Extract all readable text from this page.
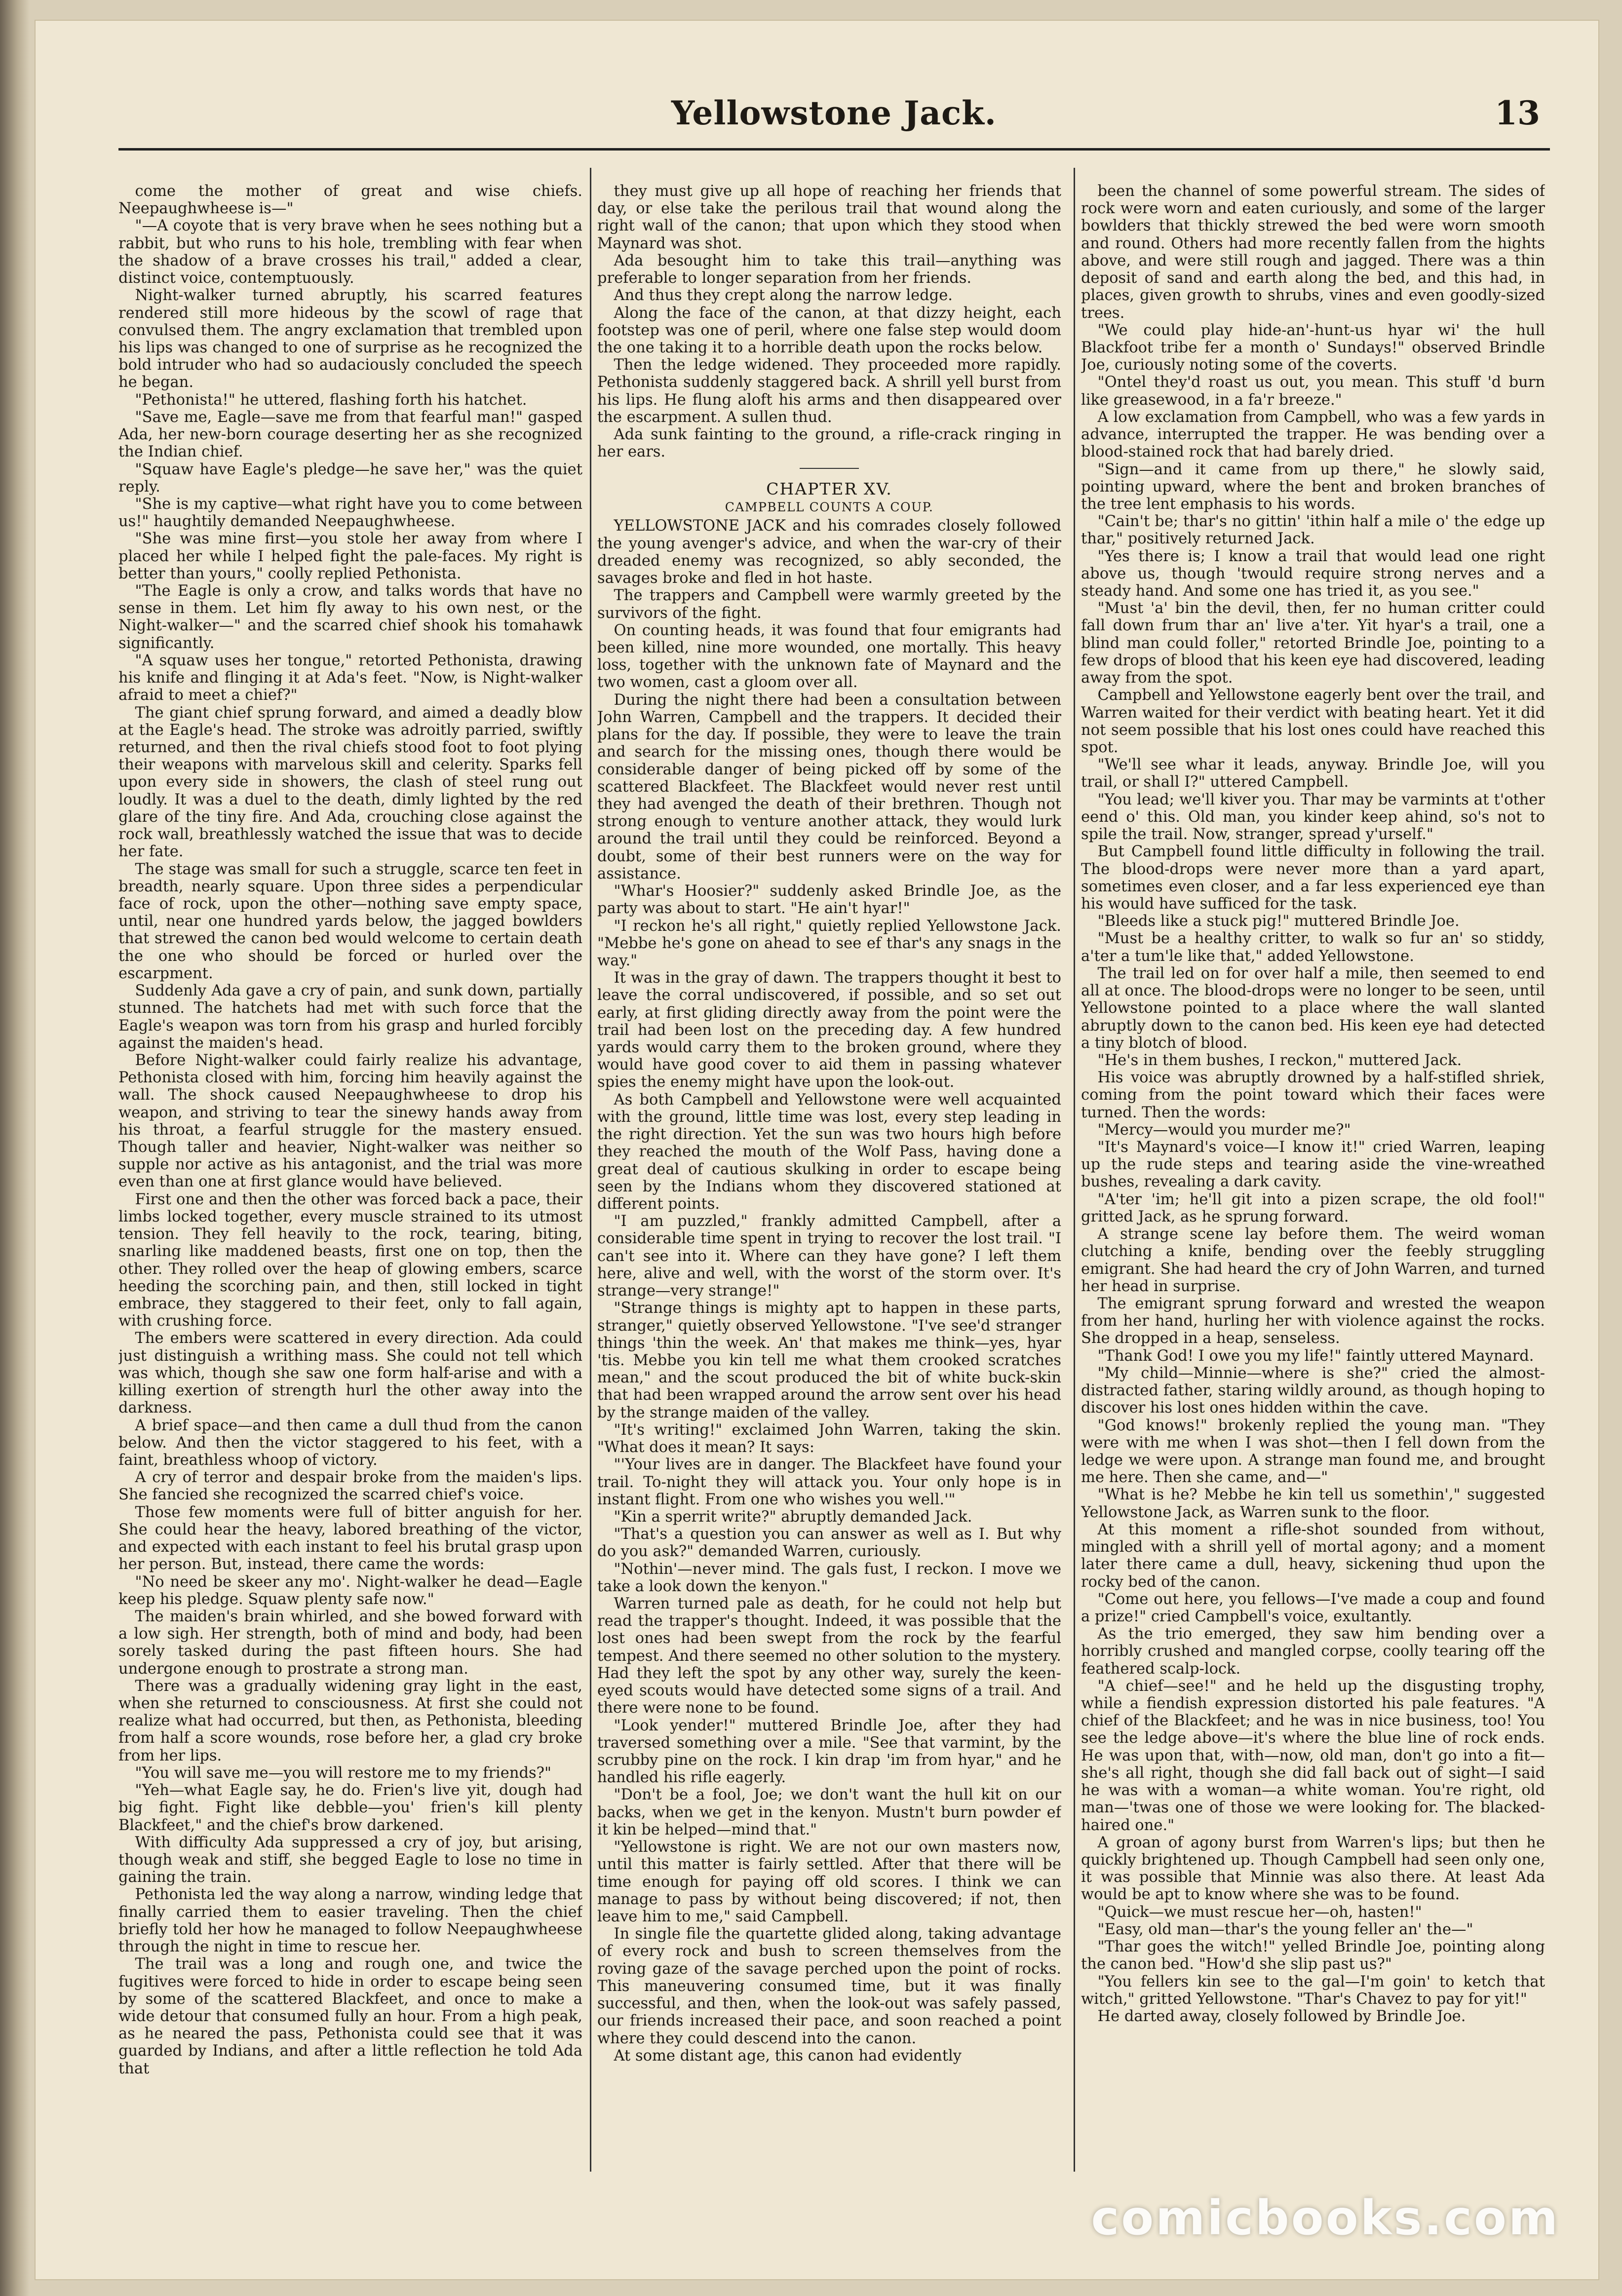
Yellowstone Jack.	13

come the mother of great and wise chiefs. Neepaughwheese is—"

"—A coyote that is very brave when he sees nothing but a rabbit, but who runs to his hole, trembling with fear when the shadow of a brave crosses his trail," added a clear, distinct voice, contemptuously.

Night-walker turned abruptly, his scarred features rendered still more hideous by the scowl of rage that convulsed them. The angry exclamation that trembled upon his lips was changed to one of surprise as he recognized the bold intruder who had so audaciously concluded the speech he began.

"Pethonista!" he uttered, flashing forth his hatchet.

"Save me, Eagle—save me from that fearful man!" gasped Ada, her new-born courage deserting her as she recognized the Indian chief.

"Squaw have Eagle's pledge—he save her," was the quiet reply.

"She is my captive—what right have you to come between us!" haughtily demanded Neepaughwheese.

"She was mine first—you stole her away from where I placed her while I helped fight the pale-faces. My right is better than yours," coolly replied Pethonista.

"The Eagle is only a crow, and talks words that have no sense in them. Let him fly away to his own nest, or the Night-walker—" and the scarred chief shook his tomahawk significantly.

"A squaw uses her tongue," retorted Pethonista, drawing his knife and flinging it at Ada's feet. "Now, is Night-walker afraid to meet a chief?"

The giant chief sprung forward, and aimed a deadly blow at the Eagle's head. The stroke was adroitly parried, swiftly returned, and then the rival chiefs stood foot to foot plying their weapons with marvelous skill and celerity. Sparks fell upon every side in showers, the clash of steel rung out loudly. It was a duel to the death, dimly lighted by the red glare of the tiny fire. And Ada, crouching close against the rock wall, breathlessly watched the issue that was to decide her fate.

The stage was small for such a struggle, scarce ten feet in breadth, nearly square. Upon three sides a perpendicular face of rock, upon the other—nothing save empty space, until, near one hundred yards below, the jagged bowlders that strewed the canon bed would welcome to certain death the one who should be forced or hurled over the escarpment.

Suddenly Ada gave a cry of pain, and sunk down, partially stunned. The hatchets had met with such force that the Eagle's weapon was torn from his grasp and hurled forcibly against the maiden's head.

Before Night-walker could fairly realize his advantage, Pethonista closed with him, forcing him heavily against the wall. The shock caused Neepaughwheese to drop his weapon, and striving to tear the sinewy hands away from his throat, a fearful struggle for the mastery ensued. Though taller and heavier, Night-walker was neither so supple nor active as his antagonist, and the trial was more even than one at first glance would have believed.

First one and then the other was forced back a pace, their limbs locked together, every muscle strained to its utmost tension. They fell heavily to the rock, tearing, biting, snarling like maddened beasts, first one on top, then the other. They rolled over the heap of glowing embers, scarce heeding the scorching pain, and then, still locked in tight embrace, they staggered to their feet, only to fall again, with crushing force.

The embers were scattered in every direction. Ada could just distinguish a writhing mass. She could not tell which was which, though she saw one form half-arise and with a killing exertion of strength hurl the other away into the darkness.

A brief space—and then came a dull thud from the canon below. And then the victor staggered to his feet, with a faint, breathless whoop of victory.

A cry of terror and despair broke from the maiden's lips. She fancied she recognized the scarred chief's voice.

Those few moments were full of bitter anguish for her. She could hear the heavy, labored breathing of the victor, and expected with each instant to feel his brutal grasp upon her person. But, instead, there came the words:

"No need be skeer any mo'. Night-walker he dead—Eagle keep his pledge. Squaw plenty safe now."

The maiden's brain whirled, and she bowed forward with a low sigh. Her strength, both of mind and body, had been sorely tasked during the past fifteen hours. She had undergone enough to prostrate a strong man.

There was a gradually widening gray light in the east, when she returned to consciousness. At first she could not realize what had occurred, but then, as Pethonista, bleeding from half a score wounds, rose before her, a glad cry broke from her lips.

"You will save me—you will restore me to my friends?"

"Yeh—what Eagle say, he do. Frien's live yit, dough had big fight. Fight like debble—you' frien's kill plenty Blackfeet," and the chief's brow darkened.

With difficulty Ada suppressed a cry of joy, but arising, though weak and stiff, she begged Eagle to lose no time in gaining the train.

Pethonista led the way along a narrow, winding ledge that finally carried them to easier traveling. Then the chief briefly told her how he managed to follow Neepaughwheese through the night in time to rescue her.

The trail was a long and rough one, and twice the fugitives were forced to hide in order to escape being seen by some of the scattered Blackfeet, and once to make a wide detour that consumed fully an hour. From a high peak, as he neared the pass, Pethonista could see that it was guarded by Indians, and after a little reflection he told Ada that

they must give up all hope of reaching her friends that day, or else take the perilous trail that wound along the right wall of the canon; that upon which they stood when Maynard was shot.

Ada besought him to take this trail—anything was preferable to longer separation from her friends.

And thus they crept along the narrow ledge.

Along the face of the canon, at that dizzy height, each footstep was one of peril, where one false step would doom the one taking it to a horrible death upon the rocks below.

Then the ledge widened. They proceeded more rapidly. Pethonista suddenly staggered back. A shrill yell burst from his lips. He flung aloft his arms and then disappeared over the escarpment. A sullen thud.

Ada sunk fainting to the ground, a rifle-crack ringing in her ears.

CHAPTER XV.
CAMPBELL COUNTS A COUP.

YELLOWSTONE JACK and his comrades closely followed the young avenger's advice, and when the war-cry of their dreaded enemy was recognized, so ably seconded, the savages broke and fled in hot haste.

The trappers and Campbell were warmly greeted by the survivors of the fight.

On counting heads, it was found that four emigrants had been killed, nine more wounded, one mortally. This heavy loss, together with the unknown fate of Maynard and the two women, cast a gloom over all.

During the night there had been a consultation between John Warren, Campbell and the trappers. It decided their plans for the day. If possible, they were to leave the train and search for the missing ones, though there would be considerable danger of being picked off by some of the scattered Blackfeet. The Blackfeet would never rest until they had avenged the death of their brethren. Though not strong enough to venture another attack, they would lurk around the trail until they could be reinforced. Beyond a doubt, some of their best runners were on the way for assistance.

"Whar's Hoosier?" suddenly asked Brindle Joe, as the party was about to start. "He ain't hyar!"

"I reckon he's all right," quietly replied Yellowstone Jack. "Mebbe he's gone on ahead to see ef thar's any snags in the way."

It was in the gray of dawn. The trappers thought it best to leave the corral undiscovered, if possible, and so set out early, at first gliding directly away from the point were the trail had been lost on the preceding day. A few hundred yards would carry them to the broken ground, where they would have good cover to aid them in passing whatever spies the enemy might have upon the look-out.

As both Campbell and Yellowstone were well acquainted with the ground, little time was lost, every step leading in the right direction. Yet the sun was two hours high before they reached the mouth of the Wolf Pass, having done a great deal of cautious skulking in order to escape being seen by the Indians whom they discovered stationed at different points.

"I am puzzled," frankly admitted Campbell, after a considerable time spent in trying to recover the lost trail. "I can't see into it. Where can they have gone? I left them here, alive and well, with the worst of the storm over. It's strange—very strange!"

"Strange things is mighty apt to happen in these parts, stranger," quietly observed Yellowstone. "I've see'd stranger things 'thin the week. An' that makes me think—yes, hyar 'tis. Mebbe you kin tell me what them crooked scratches mean," and the scout produced the bit of white buck-skin that had been wrapped around the arrow sent over his head by the strange maiden of the valley.

"It's writing!" exclaimed John Warren, taking the skin. "What does it mean? It says:

"'Your lives are in danger. The Blackfeet have found your trail. To-night they will attack you. Your only hope is in instant flight. From one who wishes you well.'"

"Kin a sperrit write?" abruptly demanded Jack.

"That's a question you can answer as well as I. But why do you ask?" demanded Warren, curiously.

"Nothin'—never mind. The gals fust, I reckon. I move we take a look down the kenyon."

Warren turned pale as death, for he could not help but read the trapper's thought. Indeed, it was possible that the lost ones had been swept from the rock by the fearful tempest. And there seemed no other solution to the mystery. Had they left the spot by any other way, surely the keen-eyed scouts would have detected some signs of a trail. And there were none to be found.

"Look yender!" muttered Brindle Joe, after they had traversed something over a mile. "See that varmint, by the scrubby pine on the rock. I kin drap 'im from hyar," and he handled his rifle eagerly.

"Don't be a fool, Joe; we don't want the hull kit on our backs, when we get in the kenyon. Mustn't burn powder ef it kin be helped—mind that."

"Yellowstone is right. We are not our own masters now, until this matter is fairly settled. After that there will be time enough for paying off old scores. I think we can manage to pass by without being discovered; if not, then leave him to me," said Campbell.

In single file the quartette glided along, taking advantage of every rock and bush to screen themselves from the roving gaze of the savage perched upon the point of rocks. This maneuvering consumed time, but it was finally successful, and then, when the look-out was safely passed, our friends increased their pace, and soon reached a point where they could descend into the canon.

At some distant age, this canon had evidently

been the channel of some powerful stream. The sides of rock were worn and eaten curiously, and some of the larger bowlders that thickly strewed the bed were worn smooth and round. Others had more recently fallen from the hights above, and were still rough and jagged. There was a thin deposit of sand and earth along the bed, and this had, in places, given growth to shrubs, vines and even goodly-sized trees.

"We could play hide-an'-hunt-us hyar wi' the hull Blackfoot tribe fer a month o' Sundays!" observed Brindle Joe, curiously noting some of the coverts.

"Ontel they'd roast us out, you mean. This stuff 'd burn like greasewood, in a fa'r breeze."

A low exclamation from Campbell, who was a few yards in advance, interrupted the trapper. He was bending over a blood-stained rock that had barely dried.

"Sign—and it came from up there," he slowly said, pointing upward, where the bent and broken branches of the tree lent emphasis to his words.

"Cain't be; thar's no gittin' 'ithin half a mile o' the edge up thar," positively returned Jack.

"Yes there is; I know a trail that would lead one right above us, though 'twould require strong nerves and a steady hand. And some one has tried it, as you see."

"Must 'a' bin the devil, then, fer no human critter could fall down frum thar an' live a'ter. Yit hyar's a trail, one a blind man could foller," retorted Brindle Joe, pointing to a few drops of blood that his keen eye had discovered, leading away from the spot.

Campbell and Yellowstone eagerly bent over the trail, and Warren waited for their verdict with beating heart. Yet it did not seem possible that his lost ones could have reached this spot.

"We'll see whar it leads, anyway. Brindle Joe, will you trail, or shall I?" uttered Campbell.

"You lead; we'll kiver you. Thar may be varmints at t'other eend o' this. Old man, you kinder keep ahind, so's not to spile the trail. Now, stranger, spread y'urself."

But Campbell found little difficulty in following the trail. The blood-drops were never more than a yard apart, sometimes even closer, and a far less experienced eye than his would have sufficed for the task.

"Bleeds like a stuck pig!" muttered Brindle Joe.

"Must be a healthy critter, to walk so fur an' so stiddy, a'ter a tum'le like that," added Yellowstone.

The trail led on for over half a mile, then seemed to end all at once. The blood-drops were no longer to be seen, until Yellowstone pointed to a place where the wall slanted abruptly down to the canon bed. His keen eye had detected a tiny blotch of blood.

"He's in them bushes, I reckon," muttered Jack.

His voice was abruptly drowned by a half-stifled shriek, coming from the point toward which their faces were turned. Then the words:

"Mercy—would you murder me?"

"It's Maynard's voice—I know it!" cried Warren, leaping up the rude steps and tearing aside the vine-wreathed bushes, revealing a dark cavity.

"A'ter 'im; he'll git into a pizen scrape, the old fool!" gritted Jack, as he sprung forward.

A strange scene lay before them. The weird woman clutching a knife, bending over the feebly struggling emigrant. She had heard the cry of John Warren, and turned her head in surprise.

The emigrant sprung forward and wrested the weapon from her hand, hurling her with violence against the rocks. She dropped in a heap, senseless.

"Thank God! I owe you my life!" faintly uttered Maynard.

"My child—Minnie—where is she?" cried the almost-distracted father, staring wildly around, as though hoping to discover his lost ones hidden within the cave.

"God knows!" brokenly replied the young man. "They were with me when I was shot—then I fell down from the ledge we were upon. A strange man found me, and brought me here. Then she came, and—"

"What is he? Mebbe he kin tell us somethin'," suggested Yellowstone Jack, as Warren sunk to the floor.

At this moment a rifle-shot sounded from without, mingled with a shrill yell of mortal agony; and a moment later there came a dull, heavy, sickening thud upon the rocky bed of the canon.

"Come out here, you fellows—I've made a coup and found a prize!" cried Campbell's voice, exultantly.

As the trio emerged, they saw him bending over a horribly crushed and mangled corpse, coolly tearing off the feathered scalp-lock.

"A chief—see!" and he held up the disgusting trophy, while a fiendish expression distorted his pale features. "A chief of the Blackfeet; and he was in nice business, too! You see the ledge above—it's where the blue line of rock ends. He was upon that, with—now, old man, don't go into a fit—she's all right, though she did fall back out of sight—I said he was with a woman—a white woman. You're right, old man—'twas one of those we were looking for. The blacked-haired one."

A groan of agony burst from Warren's lips; but then he quickly brightened up. Though Campbell had seen only one, it was possible that Minnie was also there. At least Ada would be apt to know where she was to be found.

"Quick—we must rescue her—oh, hasten!"

"Easy, old man—thar's the young feller an' the—"

"Thar goes the witch!" yelled Brindle Joe, pointing along the canon bed. "How'd she slip past us?"

"You fellers kin see to the gal—I'm goin' to ketch that witch," gritted Yellowstone. "Thar's Chavez to pay for yit!"

He darted away, closely followed by Brindle Joe.

comicbooks.com
